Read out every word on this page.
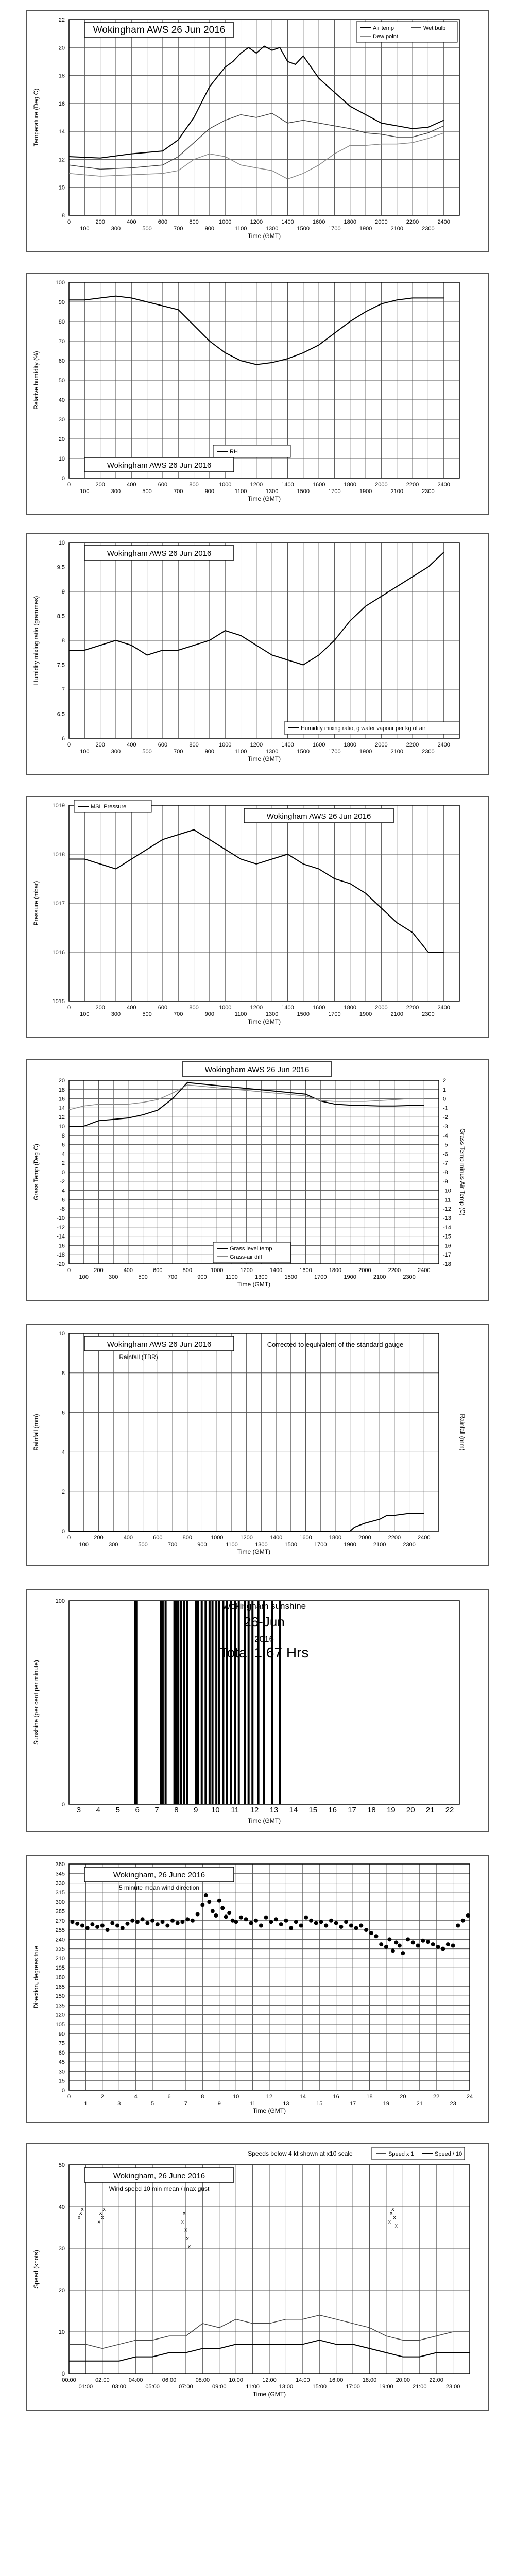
8
10
12
14
16
18
20
22
0
100
200
300
400
500
600
700
800
900
1000
1100
1200
1300
1400
1500
1600
1700
1800
1900
2000
2100
2200
2300
2400
Time (GMT)
Temperature (Deg C)
Wokingham AWS 26 Jun 2016	Air temp	Wet bulb
Dew point
0
10
20
30
40
50
60
70
80
90
100
0
100
200
300
400
500
600
700
800
900
1000
1100
1200
1300
1400
1500
1600
1700
1800
1900
2000
2100
2200
2300
2400
Time (GMT)
Relative humidity (%)
Wokingham AWS 26 Jun 2016
RH
6
6.5
7
7.5
8
8.5
9
9.5
10
0
100
200
300
400
500
600
700
800
900
1000
1100
1200
1300
1400
1500
1600
1700
1800
1900
2000
2100
2200
2300
2400
Time (GMT)
Humidity mixing ratio (grammes)
Wokingham AWS 26 Jun 2016
Humidity mixing ratio, g water vapour per kg of air
1015
1016
1017
1018
1019
0
100
200
300
400
500
600
700
800
900
1000
1100
1200
1300
1400
1500
1600
1700
1800
1900
2000
2100
2200
2300
2400
Time (GMT)
Pressure (mbar)
Wokingham AWS 26 Jun 2016
MSL Pressure
-20
-18
-16
-14
-12
-10
-8
-6
-4
-2
0
2
4
6
8
10
12
14
16
18
20
-18
-17
-16
-15
-14
-13
-12
-11
-10
-9
-8
-7
-6
-5
-4
-3
-2
-1
0
1
2
0
100
200
300
400
500
600
700
800
900
1000
1100
1200
1300
1400
1500
1600
1700
1800
1900
2000
2100
2200
2300
2400
Time (GMT)
Grass Temp (Deg C)	Grass Temp minus Air Temp (C)
Wokingham AWS 26 Jun 2016
Grass level temp
Grass-air diff
0
2
4
6
8
10
0
100
200
300
400
500
600
700
800
900
1000
1100
1200
1300
1400
1500
1600
1700
1800
1900
2000
2100
2200
2300
2400
Time (GMT)
Rainfall (mm)	Rainfall (mm)
Wokingham AWS 26 Jun 2016
Rainfall (TBR)
Corrected to equivalent of the standard gauge
0
100
3 4 5 6 7 8 9 10 11 12 13 14 15 16 17 18 19 20 21 22
Time (GMT)
Sunshine (per cent per minute)
Wokingham sunshine
26-Jun
2016
Total 1.67 Hrs
0
15
30
45
60
75
90
105
120
135
150
165
180
195
210
225
240
255
270
285
300
315
330
345
360
0
1
2
3
4
5
6
7
8
9
10
11
12
13
14
15
16
17
18
19
20
21
22
23
24
Time (GMT)
Direction, degrees true
Wokingham, 26 June 2016
5 minute mean wind direction
0
10
20
30
40
50
00:00
01:00
02:00
03:00
04:00
05:00
06:00
07:00
08:00
09:00
10:00
11:00
12:00
13:00
14:00
15:00
16:00
17:00
18:00
19:00
20:00
21:00
22:00
23:00
Time (GMT)
Speed (knots)
x
x
x
x
x
x
x
x
x
x
x
x
x
x
x
x
x
Wokingham, 26 June 2016
Wind speed 10 min mean / max gust
Speeds below 4 kt shown at x10 scale	Speed x 1	Speed / 10
